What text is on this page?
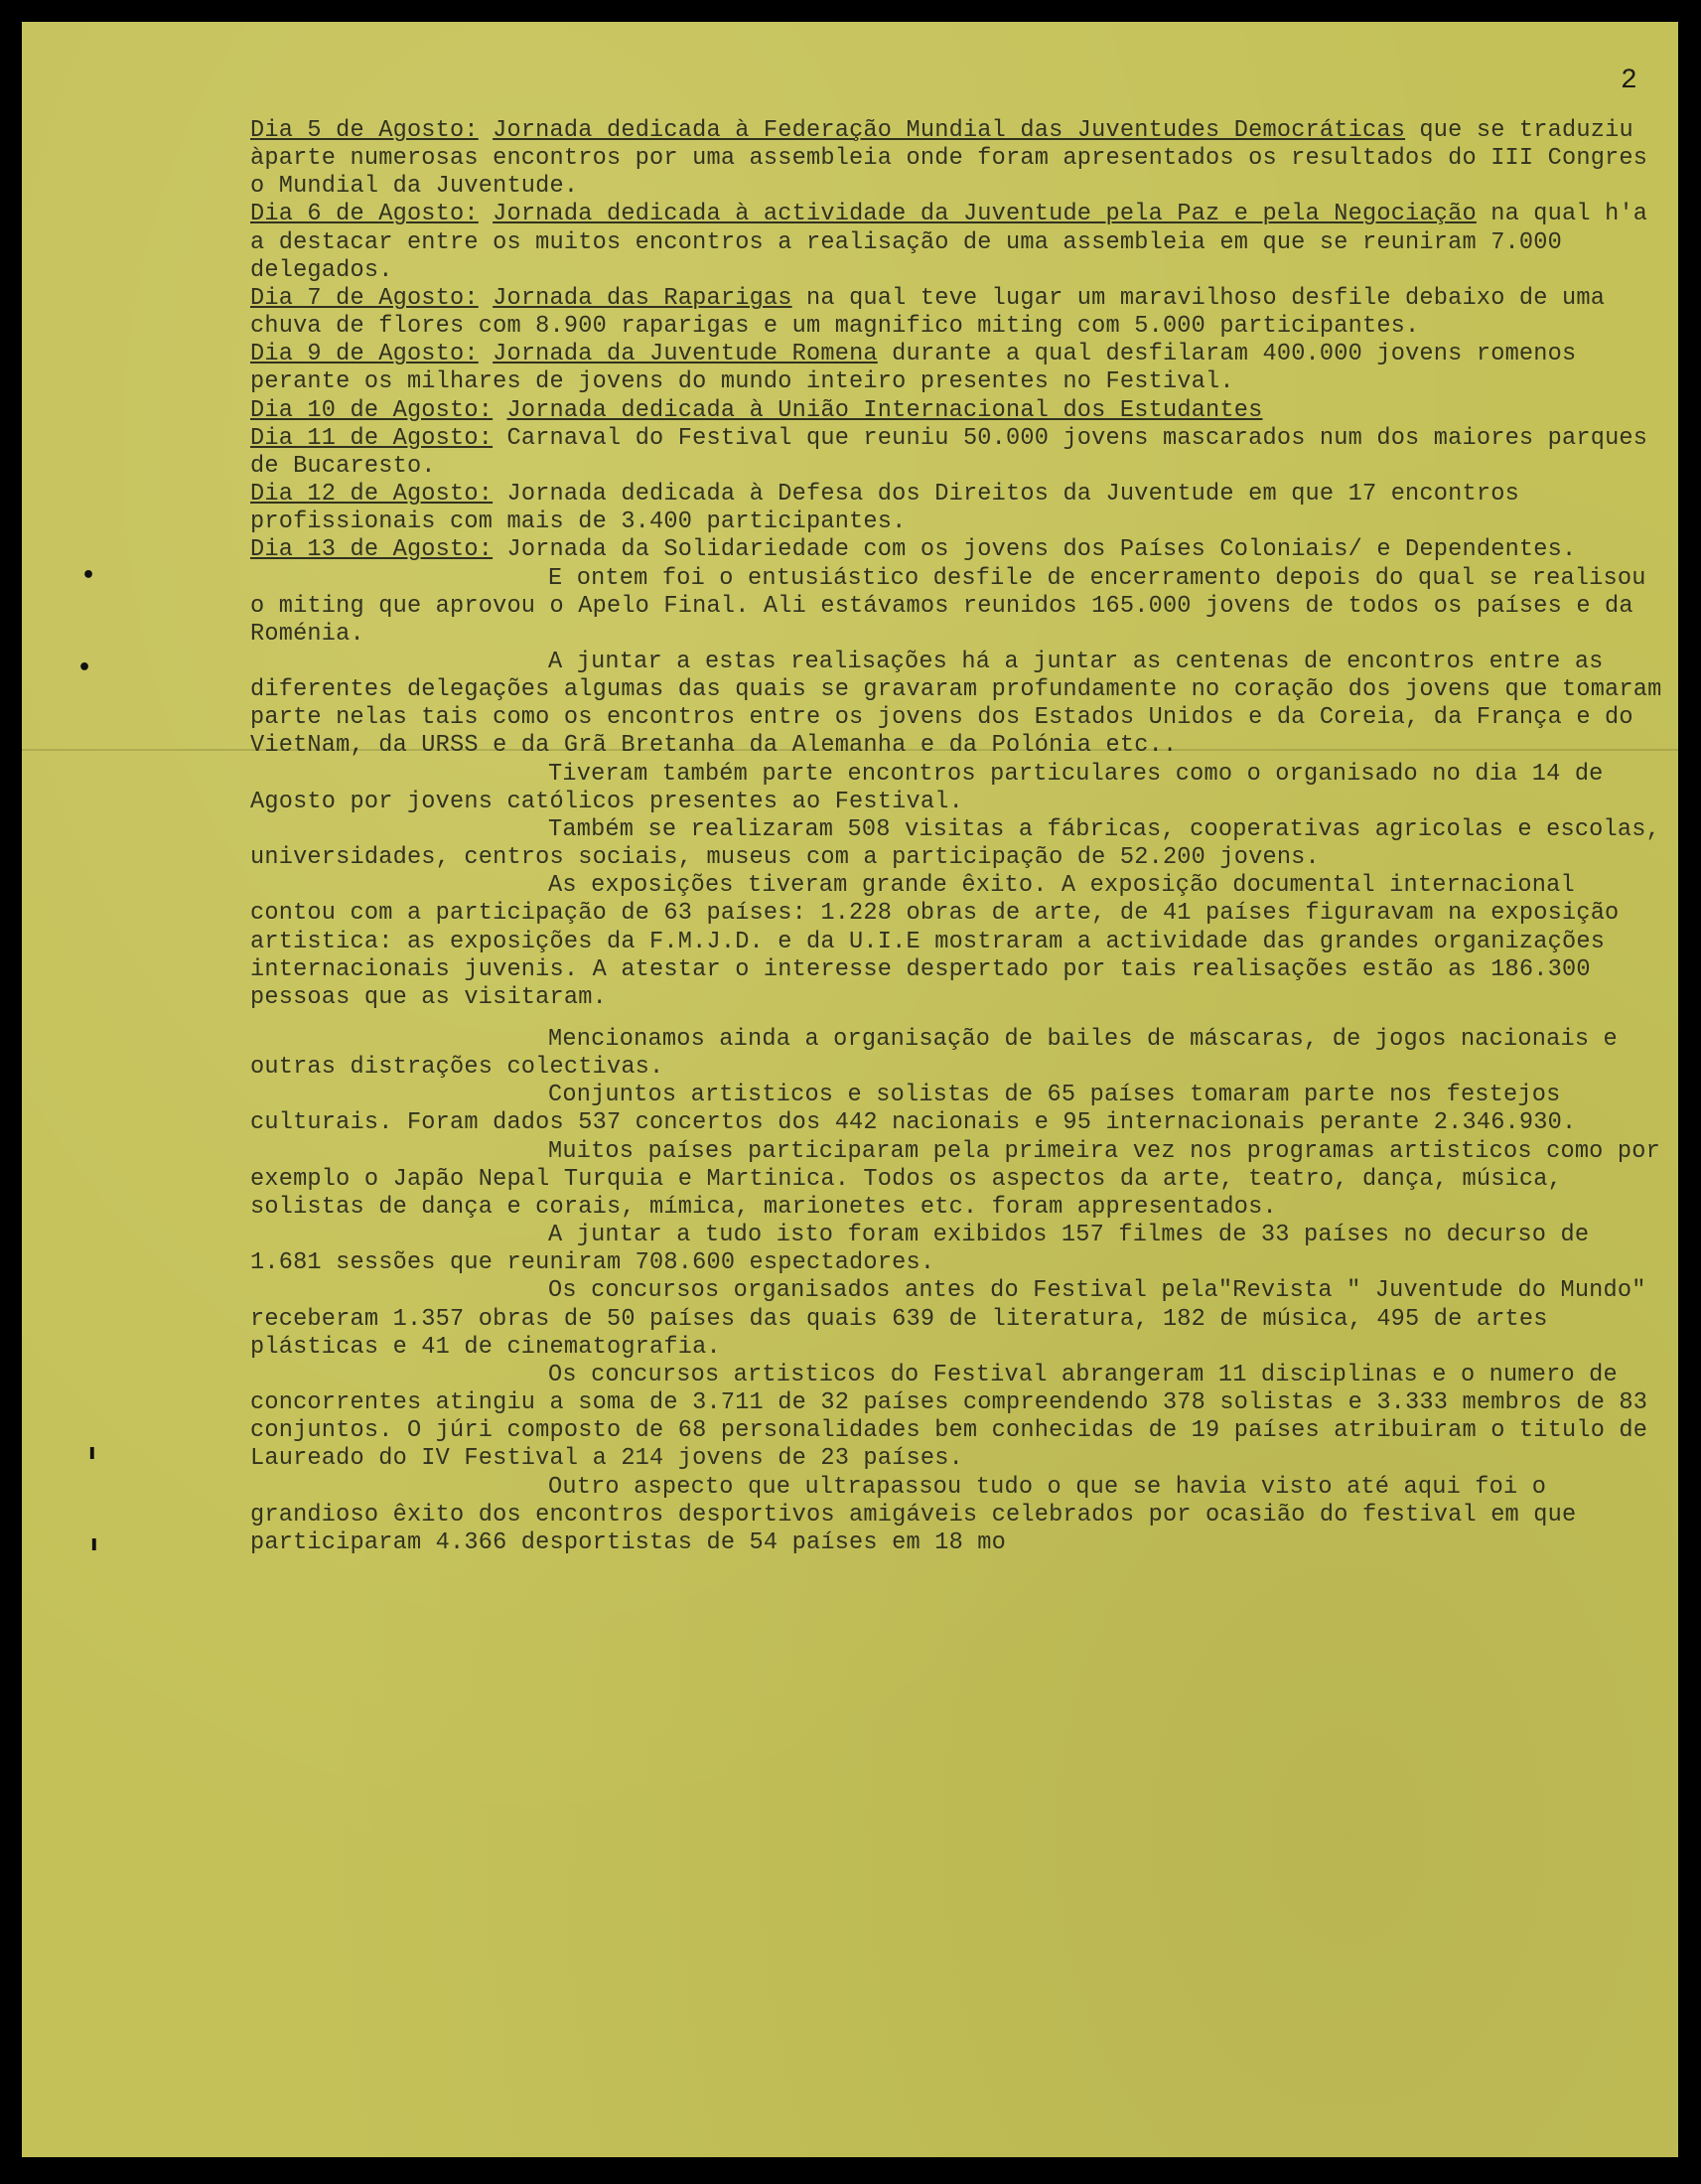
•
•
ı
ı
2
Dia 5 de Agosto: Jornada dedicada à Federação Mundial das Juventudes Democráticas que se traduziu àparte numerosas encontros por uma assembleia onde foram apresentados os resultados do III Congres o Mundial da Juventude.
Dia 6 de Agosto: Jornada dedicada à actividade da Juventude pela Paz e pela Negociação na qual h'a a destacar entre os muitos encontros a realisação de uma assembleia em que se reuniram 7.000 delegados.
Dia 7 de Agosto: Jornada das Raparigas na qual teve lugar um maravilhoso desfile debaixo de uma chuva de flores com 8.900 raparigas e um magnifico miting com 5.000 participantes.
Dia 9 de Agosto: Jornada da Juventude Romena durante a qual desfilaram 400.000 jovens romenos perante os milhares de jovens do mundo inteiro presentes no Festival.
Dia 10 de Agosto: Jornada dedicada à União Internacional dos Estudantes
Dia 11 de Agosto: Carnaval do Festival que reuniu 50.000 jovens mascarados num dos maiores parques de Bucaresto.
Dia 12 de Agosto: Jornada dedicada à Defesa dos Direitos da Juventude em que 17 encontros profissionais com mais de 3.400 participantes.
Dia 13 de Agosto: Jornada da Solidariedade com os jovens dos Países Coloniais/ e Dependentes.
E ontem foi o entusiástico desfile de encerramento depois do qual se realisou o miting que aprovou o Apelo Final. Ali estávamos reunidos 165.000 jovens de todos os países e da Roménia.
A juntar a estas realisações há a juntar as centenas de encontros entre as diferentes delegações algumas das quais se gravaram profundamente no coração dos jovens que tomaram parte nelas tais como os encontros entre os jovens dos Estados Unidos e da Coreia, da França e do VietNam, da URSS e da Grã Bretanha da Alemanha e da Polónia etc..
Tiveram também parte encontros particulares como o organisado no dia 14 de Agosto por jovens católicos presentes ao Festival.
Também se realizaram 508 visitas a fábricas, cooperativas agricolas e escolas, universidades, centros sociais, museus com a participação de 52.200 jovens.
As exposições tiveram grande êxito. A exposição documental internacional contou com a participação de 63 países: 1.228 obras de arte, de 41 países figuravam na exposição artistica: as exposições da F.M.J.D. e da U.I.E mostraram a actividade das grandes organizações internacionais juvenis. A atestar o interesse despertado por tais realisações estão as 186.300 pessoas que as visitaram.
Mencionamos ainda a organisação de bailes de máscaras, de jogos nacionais e outras distrações colectivas.
Conjuntos artisticos e solistas de 65 países tomaram parte nos festejos culturais. Foram dados 537 concertos dos 442 nacionais e 95 internacionais perante 2.346.930.
Muitos países participaram pela primeira vez nos programas artisticos como por exemplo o Japão Nepal Turquia e Martinica. Todos os aspectos da arte, teatro, dança, música, solistas de dança e corais, mímica, marionetes etc. foram appresentados.
A juntar a tudo isto foram exibidos 157 filmes de 33 países no decurso de 1.681 sessões que reuniram 708.600 espectadores.
Os concursos organisados antes do Festival pela"Revista " Juventude do Mundo" receberam 1.357 obras de 50 países das quais 639 de literatura, 182 de música, 495 de artes plásticas e 41 de cinematografia.
Os concursos artisticos do Festival abrangeram 11 disciplinas e o numero de concorrentes atingiu a soma de 3.711 de 32 países compreendendo 378 solistas e 3.333 membros de 83 conjuntos. O júri composto de 68 personalidades bem conhecidas de 19 países atribuiram o titulo de Laureado do IV Festival a 214 jovens de 23 países.
Outro aspecto que ultrapassou tudo o que se havia visto até aqui foi o grandioso êxito dos encontros desportivos amigáveis celebrados por ocasião do festival em que participaram 4.366 desportistas de 54 países em 18 mo
